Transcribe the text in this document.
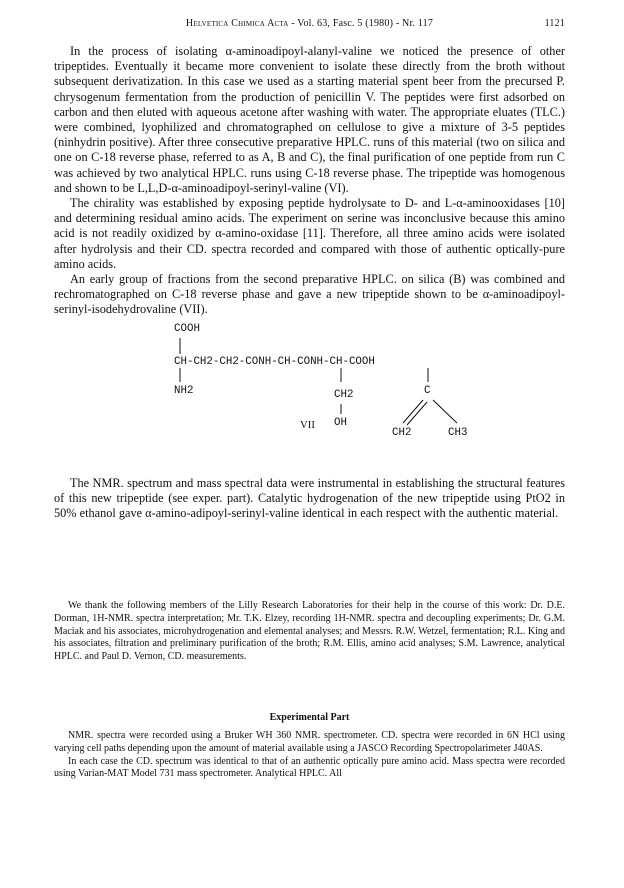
Helvetica Chimica Acta - Vol. 63, Fasc. 5 (1980) - Nr. 117	1121

In the process of isolating α-aminoadipoyl-alanyl-valine we noticed the presence of other tripeptides. Eventually it became more convenient to isolate these directly from the broth without subsequent derivatization. In this case we used as a starting material spent beer from the precursed P. chrysogenum fermentation from the production of penicillin V. The peptides were first adsorbed on carbon and then eluted with aqueous acetone after washing with water. The appropriate eluates (TLC.) were combined, lyophilized and chromatographed on cellulose to give a mixture of 3-5 peptides (ninhydrin positive). After three consecutive preparative HPLC. runs of this material (two on silica and one on C-18 reverse phase, referred to as A, B and C), the final purification of one peptide from run C was achieved by two analytical HPLC. runs using C-18 reverse phase. The tripeptide was homogenous and shown to be L,L,D-α-aminoadipoyl-serinyl-valine (VI).

The chirality was established by exposing peptide hydrolysate to D- and L-α-aminooxidases [10] and determining residual amino acids. The experiment on serine was inconclusive because this amino acid is not readily oxidized by α-amino-oxidase [11]. Therefore, all three amino acids were isolated after hydrolysis and their CD. spectra recorded and compared with those of authentic optically-pure amino acids.

An early group of fractions from the second preparative HPLC. on silica (B) was combined and rechromatographed on C-18 reverse phase and gave a new tripeptide shown to be α-aminoadipoyl-serinyl-isodehydrovaline (VII).

COOH
CH-CH2-CH2-CONH-CH-CONH-CH-COOH
NH2	CH2
OH
C
CH2	CH3
VII

The NMR. spectrum and mass spectral data were instrumental in establishing the structural features of this new tripeptide (see exper. part). Catalytic hydrogenation of the new tripeptide using PtO2 in 50% ethanol gave α-amino-adipoyl-serinyl-valine identical in each respect with the authentic material.

We thank the following members of the Lilly Research Laboratories for their help in the course of this work: Dr. D.E. Dorman, 1H-NMR. spectra interpretation; Mr. T.K. Elzey, recording 1H-NMR. spectra and decoupling experiments; Dr. G.M. Maciak and his associates, microhydrogenation and elemental analyses; and Messrs. R.W. Wetzel, fermentation; R.L. King and his associates, filtration and preliminary purification of the broth; R.M. Ellis, amino acid analyses; S.M. Lawrence, analytical HPLC. and Paul D. Vernon, CD. measurements.

Experimental Part

NMR. spectra were recorded using a Bruker WH 360 NMR. spectrometer. CD. spectra were recorded in 6N HCl using varying cell paths depending upon the amount of material available using a JASCO Recording Spectropolarimeter J40AS.

In each case the CD. spectrum was identical to that of an authentic optically pure amino acid. Mass spectra were recorded using Varian-MAT Model 731 mass spectrometer. Analytical HPLC. All
